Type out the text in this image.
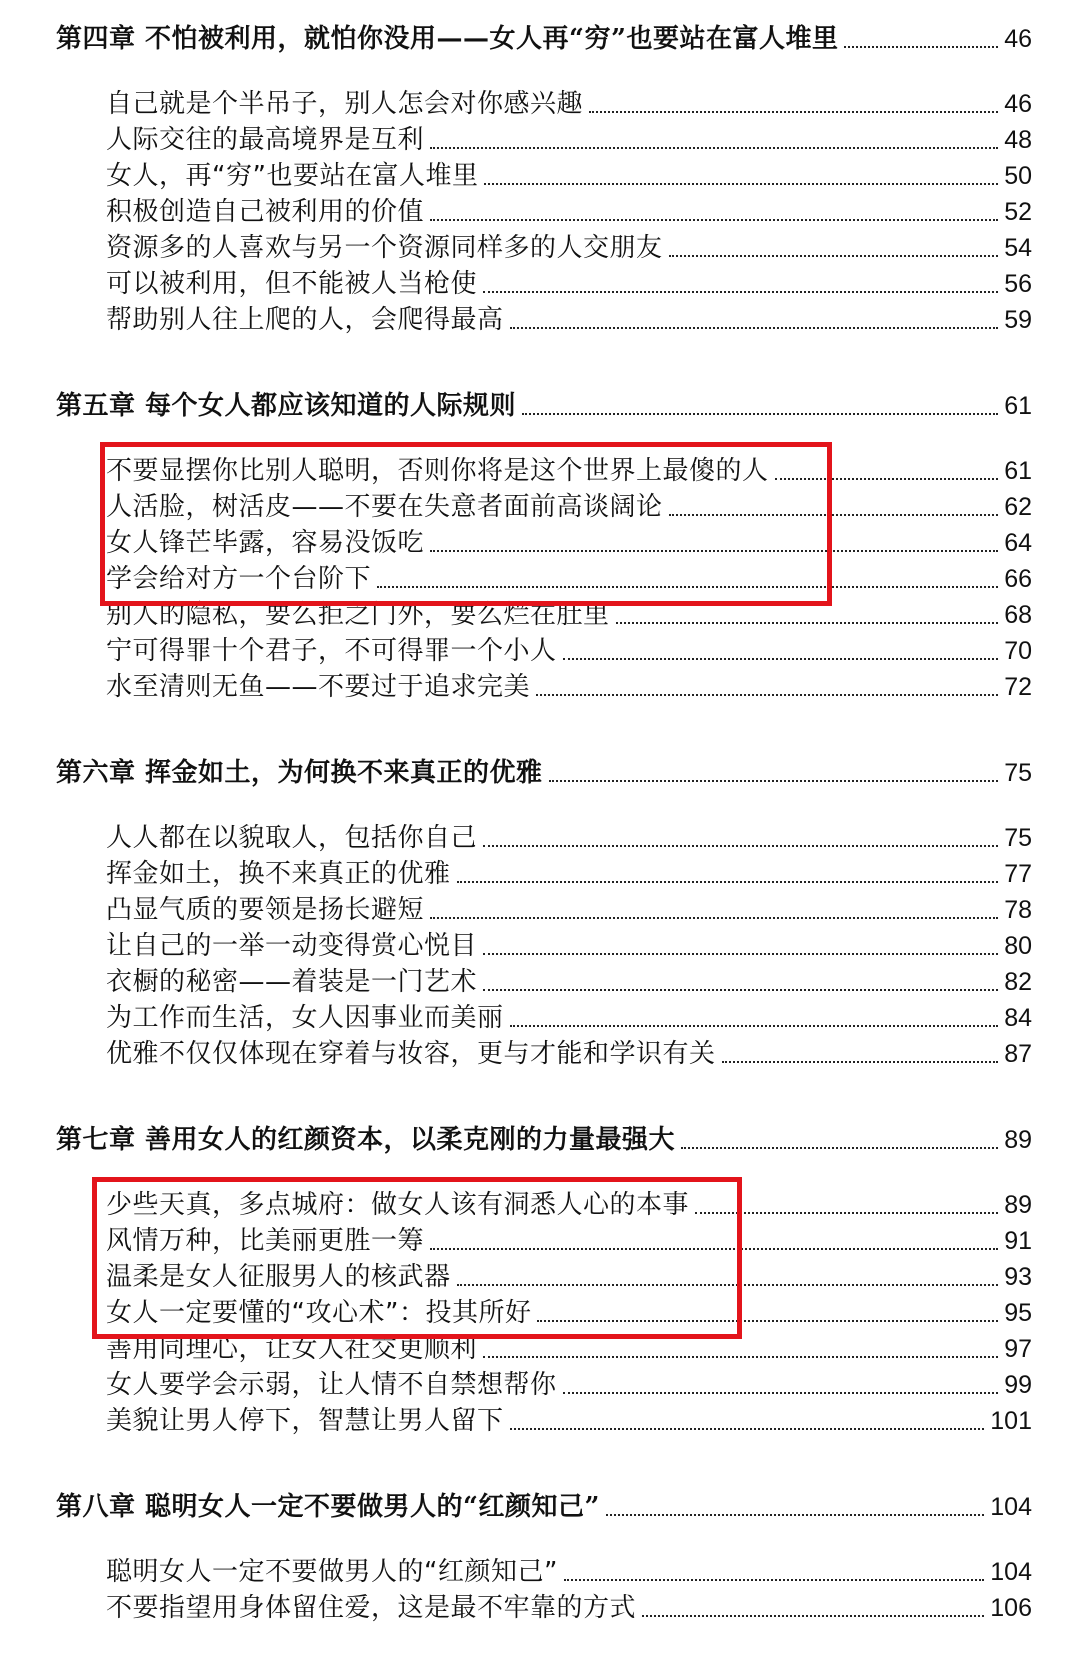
第四章 不怕被利用，就怕你没用——女人再“穷”也要站在富人堆里	46
自己就是个半吊子，别人怎会对你感兴趣	46
人际交往的最高境界是互利	48
女人，再“穷”也要站在富人堆里	50
积极创造自己被利用的价值	52
资源多的人喜欢与另一个资源同样多的人交朋友	54
可以被利用，但不能被人当枪使	56
帮助别人往上爬的人，会爬得最高	59
第五章 每个女人都应该知道的人际规则	61
不要显摆你比别人聪明，否则你将是这个世界上最傻的人	61
人活脸，树活皮——不要在失意者面前高谈阔论	62
女人锋芒毕露，容易没饭吃	64
学会给对方一个台阶下	66
别人的隐私，要么拒之门外，要么烂在肚里	68
宁可得罪十个君子，不可得罪一个小人	70
水至清则无鱼——不要过于追求完美	72
第六章 挥金如土，为何换不来真正的优雅	75
人人都在以貌取人，包括你自己	75
挥金如土，换不来真正的优雅	77
凸显气质的要领是扬长避短	78
让自己的一举一动变得赏心悦目	80
衣橱的秘密——着装是一门艺术	82
为工作而生活，女人因事业而美丽	84
优雅不仅仅体现在穿着与妆容，更与才能和学识有关	87
第七章 善用女人的红颜资本，以柔克刚的力量最强大	89
少些天真，多点城府：做女人该有洞悉人心的本事	89
风情万种，比美丽更胜一筹	91
温柔是女人征服男人的核武器	93
女人一定要懂的“攻心术”：投其所好	95
善用同理心，让女人社交更顺利	97
女人要学会示弱，让人情不自禁想帮你	99
美貌让男人停下，智慧让男人留下	101
第八章 聪明女人一定不要做男人的“红颜知己”	104
聪明女人一定不要做男人的“红颜知己”	104
不要指望用身体留住爱，这是最不牢靠的方式	106
